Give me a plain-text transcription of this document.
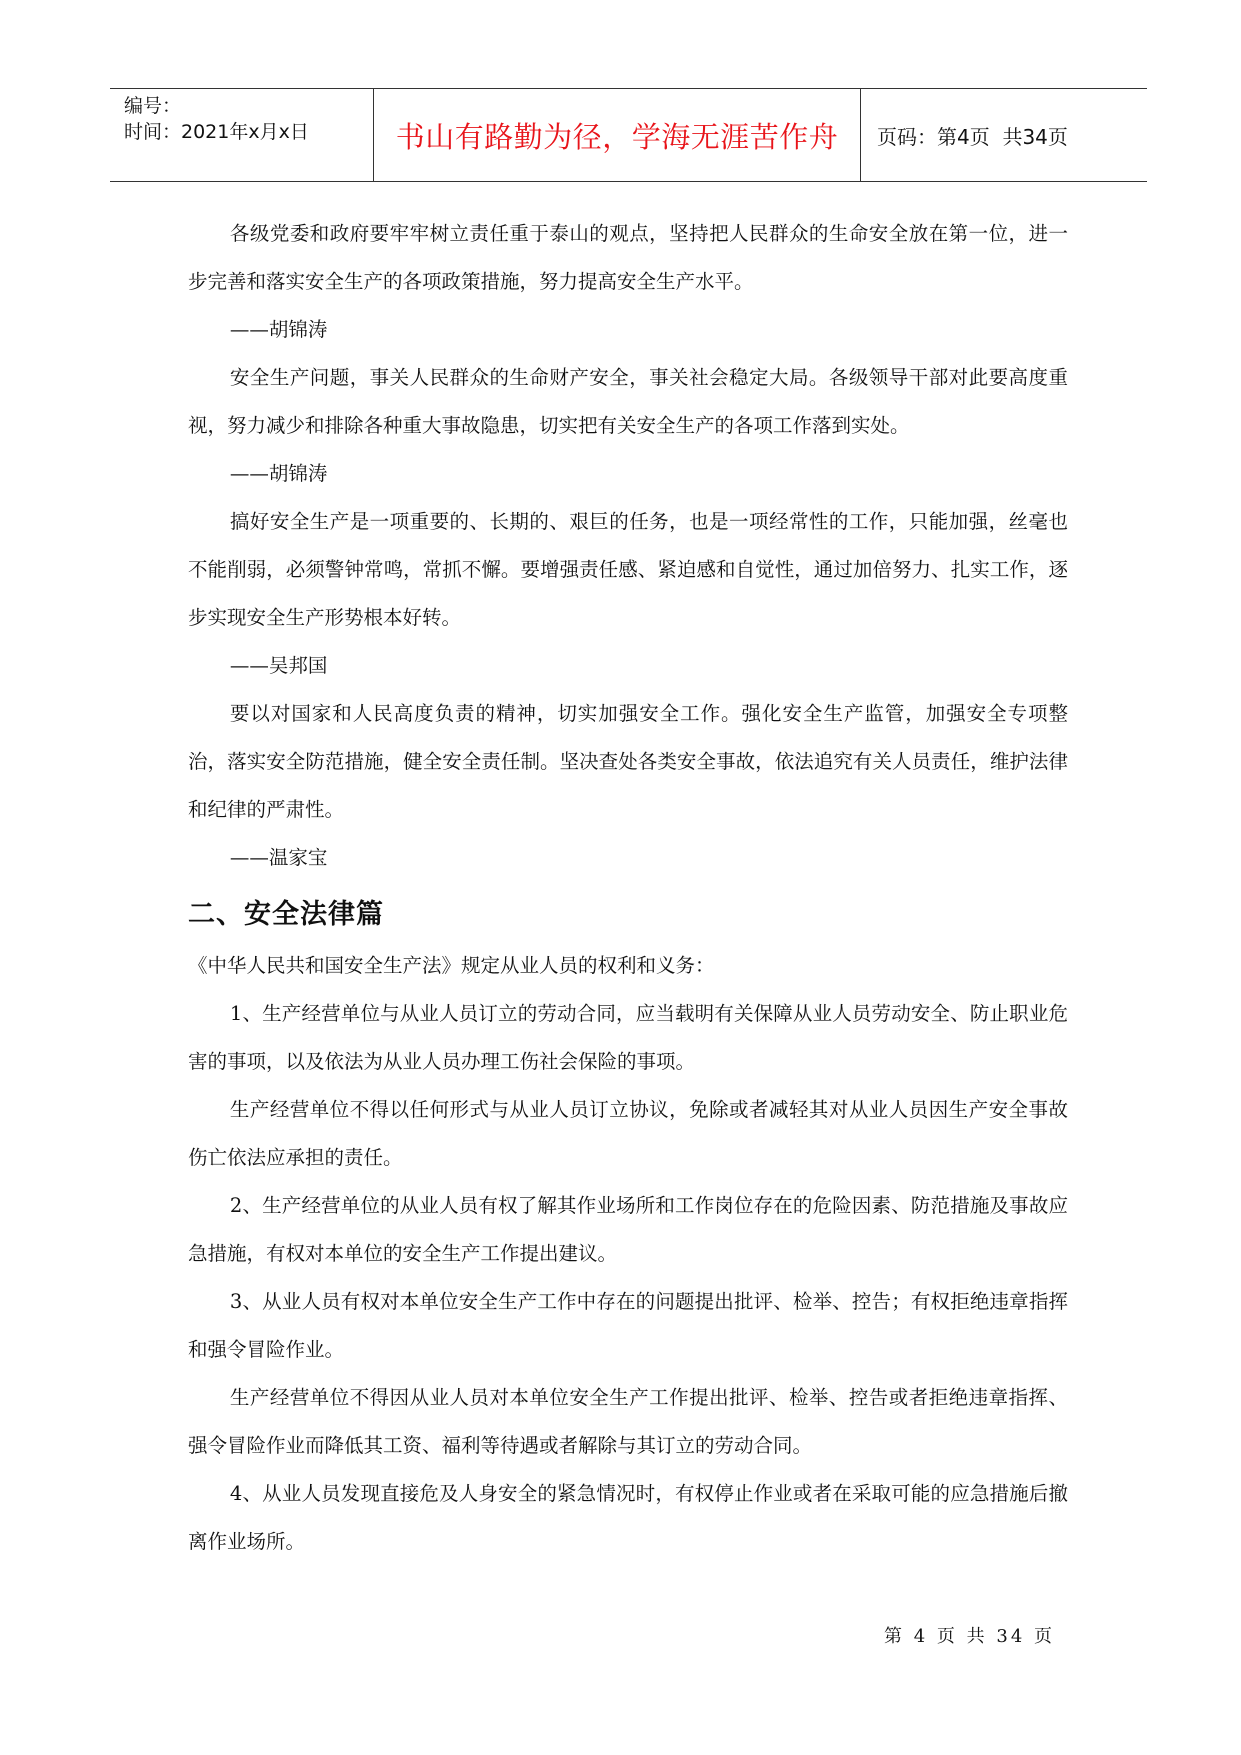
编号：
时间：2021年x月x日	书山有路勤为径，学海无涯苦作舟 页码：第4页  共34页

各级党委和政府要牢牢树立责任重于泰山的观点，坚持把人民群众的生命安全放在第一位，进一步完善和落实安全生产的各项政策措施，努力提高安全生产水平。

——胡锦涛

安全生产问题，事关人民群众的生命财产安全，事关社会稳定大局。各级领导干部对此要高度重视，努力减少和排除各种重大事故隐患，切实把有关安全生产的各项工作落到实处。

——胡锦涛

搞好安全生产是一项重要的、长期的、艰巨的任务，也是一项经常性的工作，只能加强，丝毫也不能削弱，必须警钟常鸣，常抓不懈。要增强责任感、紧迫感和自觉性，通过加倍努力、扎实工作，逐步实现安全生产形势根本好转。

——吴邦国

要以对国家和人民高度负责的精神，切实加强安全工作。强化安全生产监管，加强安全专项整治，落实安全防范措施，健全安全责任制。坚决查处各类安全事故，依法追究有关人员责任，维护法律和纪律的严肃性。

——温家宝

二、安全法律篇

《中华人民共和国安全生产法》规定从业人员的权利和义务：

1、生产经营单位与从业人员订立的劳动合同，应当载明有关保障从业人员劳动安全、防止职业危害的事项，以及依法为从业人员办理工伤社会保险的事项。

生产经营单位不得以任何形式与从业人员订立协议，免除或者减轻其对从业人员因生产安全事故伤亡依法应承担的责任。

2、生产经营单位的从业人员有权了解其作业场所和工作岗位存在的危险因素、防范措施及事故应急措施，有权对本单位的安全生产工作提出建议。

3、从业人员有权对本单位安全生产工作中存在的问题提出批评、检举、控告；有权拒绝违章指挥和强令冒险作业。

生产经营单位不得因从业人员对本单位安全生产工作提出批评、检举、控告或者拒绝违章指挥、强令冒险作业而降低其工资、福利等待遇或者解除与其订立的劳动合同。

4、从业人员发现直接危及人身安全的紧急情况时，有权停止作业或者在采取可能的应急措施后撤离作业场所。

第 4 页 共 34 页
